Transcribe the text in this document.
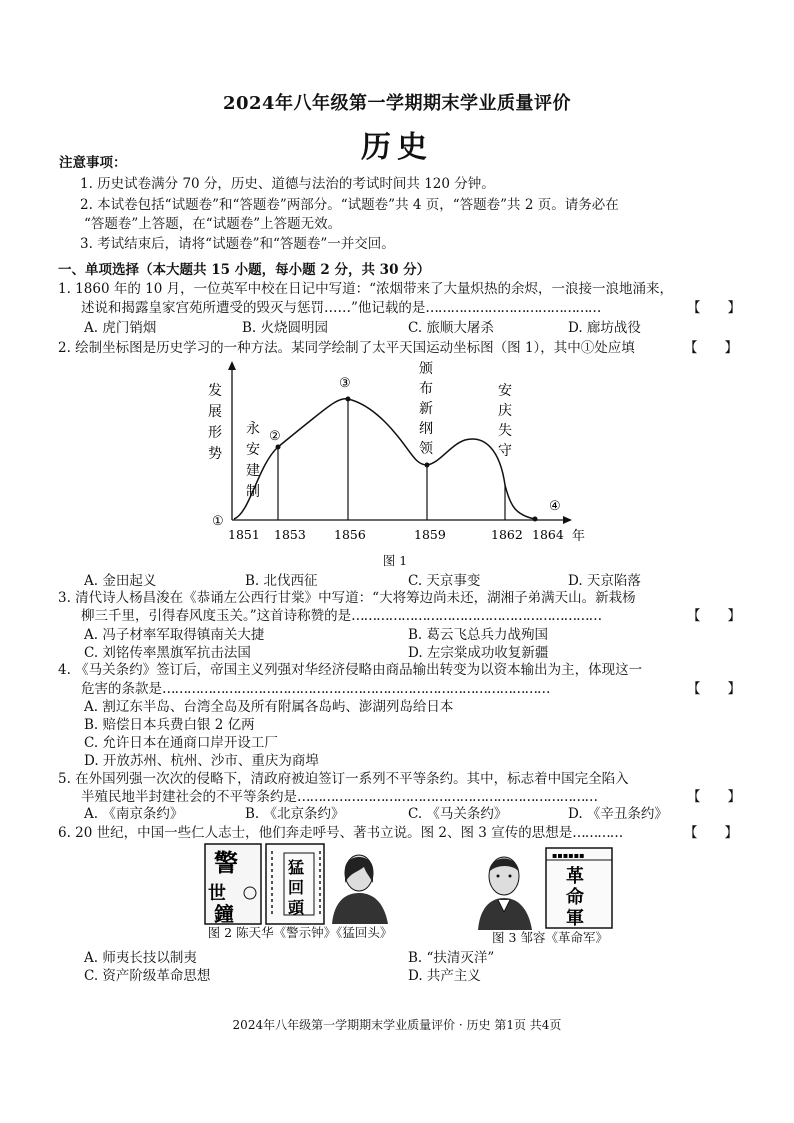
2024年八年级第一学期期末学业质量评价
历史
注意事项：
1. 历史试卷满分 70 分，历史、道德与法治的考试时间共 120 分钟。
2. 本试卷包括“试题卷”和“答题卷”两部分。“试题卷”共 4 页，“答题卷”共 2 页。请务必在
“答题卷”上答题，在“试题卷”上答题无效。
3. 考试结束后，请将“试题卷”和“答题卷”一并交回。
一、单项选择（本大题共 15 小题，每小题 2 分，共 30 分）
1. 1860 年的 10 月，一位英军中校在日记中写道：“浓烟带来了大量炽热的余烬，一浪接一浪地涌来，
述说和揭露皇家宫苑所遭受的毁灭与惩罚……”他记载的是……………………………………	【　　】
A. 虎门销烟	B. 火烧圆明园	C. 旅顺大屠杀	D. 廊坊战役
2. 绘制坐标图是历史学习的一种方法。某同学绘制了太平天国运动坐标图（图 1），其中①处应填	【　　】
发
展
形
势
永
安
建
制
颁
布
新
纲
领
安
庆
失
守
①
②
③
④
1851 1853 1856	1859	1862 1864 年
图 1
A. 金田起义	B. 北伐西征	C. 天京事变	D. 天京陷落
3. 清代诗人杨昌浚在《恭诵左公西行甘棠》中写道：“大将筹边尚未还，湖湘子弟满天山。新栽杨
柳三千里，引得春风度玉关。”这首诗称赞的是……………………………………………………	【　　】
A. 冯子材率军取得镇南关大捷	B. 葛云飞总兵力战殉国
C. 刘铭传率黑旗军抗击法国	D. 左宗棠成功收复新疆
4. 《马关条约》签订后，帝国主义列强对华经济侵略由商品输出转变为以资本输出为主，体现这一
危害的条款是…………………………………………………………………………………	【　　】
A. 割辽东半岛、台湾全岛及所有附属各岛屿、澎湖列岛给日本
B. 赔偿日本兵费白银 2 亿两
C. 允许日本在通商口岸开设工厂
D. 开放苏州、杭州、沙市、重庆为商埠
5. 在外国列强一次次的侵略下，清政府被迫签订一系列不平等条约。其中，标志着中国完全陷入
半殖民地半封建社会的不平等条约是………………………………………………………………	【　　】
A. 《南京条约》	B. 《北京条约》	C. 《马关条约》	D. 《辛丑条约》
6. 20 世纪，中国一些仁人志士，他们奔走呼号、著书立说。图 2、图 3 宣传的思想是…………	【　　】
警
世
鐘
猛
回
頭
图 2 陈天华《警示钟》《猛回头》
▪▪▪▪▪▪
革
命
軍
图 3 邹容《革命军》
A. 师夷长技以制夷	B. “扶清灭洋”
C. 资产阶级革命思想	D. 共产主义
2024年八年级第一学期期末学业质量评价 · 历史 第1页 共4页
